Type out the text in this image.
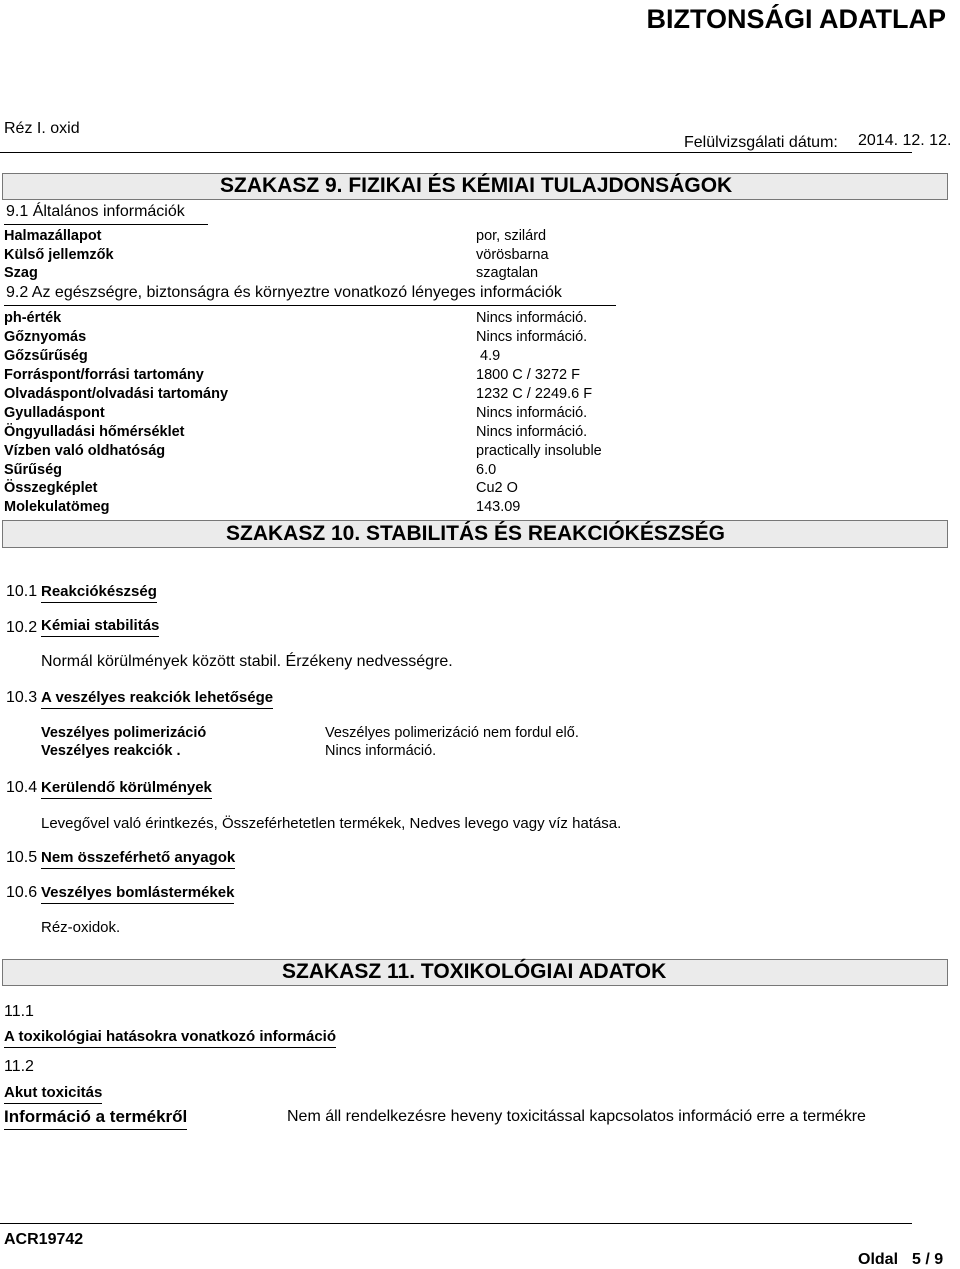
BIZTONSÁGI ADATLAP
Réz I. oxid
Felülvizsgálati dátum: 2014. 12. 12.
SZAKASZ 9. FIZIKAI ÉS KÉMIAI TULAJDONSÁGOK
9.1 Általános információk
Halmazállapot	por, szilárd
Külső jellemzők	vörösbarna
Szag	szagtalan
9.2 Az egészségre, biztonságra és környeztre vonatkozó lényeges információk
ph-érték	Nincs információ.
Gőznyomás	Nincs információ.
Gőzsűrűség	4.9
Forráspont/forrási tartomány	1800 C / 3272 F
Olvadáspont/olvadási tartomány	1232 C / 2249.6 F
Gyulladáspont	Nincs információ.
Öngyulladási hőmérséklet	Nincs információ.
Vízben való oldhatóság	practically insoluble
Sűrűség	6.0
Összegképlet	Cu2 O
Molekulatömeg	143.09
SZAKASZ 10. STABILITÁS ÉS REAKCIÓKÉSZSÉG
10.1 Reakciókészség
10.2 Kémiai stabilitás
Normál körülmények között stabil. Érzékeny nedvességre.
10.3 A veszélyes reakciók lehetősége
Veszélyes polimerizáció	Veszélyes polimerizáció nem fordul elő.
Veszélyes reakciók .	Nincs információ.
10.4 Kerülendő körülmények
Levegővel való érintkezés, Összeférhetetlen termékek, Nedves levego vagy víz hatása.
10.5 Nem összeférhető anyagok
10.6 Veszélyes bomlástermékek
Réz-oxidok.
SZAKASZ 11. TOXIKOLÓGIAI ADATOK
11.1
A toxikológiai hatásokra vonatkozó információ
11.2
Akut toxicitás
Információ a termékről	Nem áll rendelkezésre heveny toxicitással kapcsolatos információ erre a termékre
ACR19742
Oldal 5 / 9
